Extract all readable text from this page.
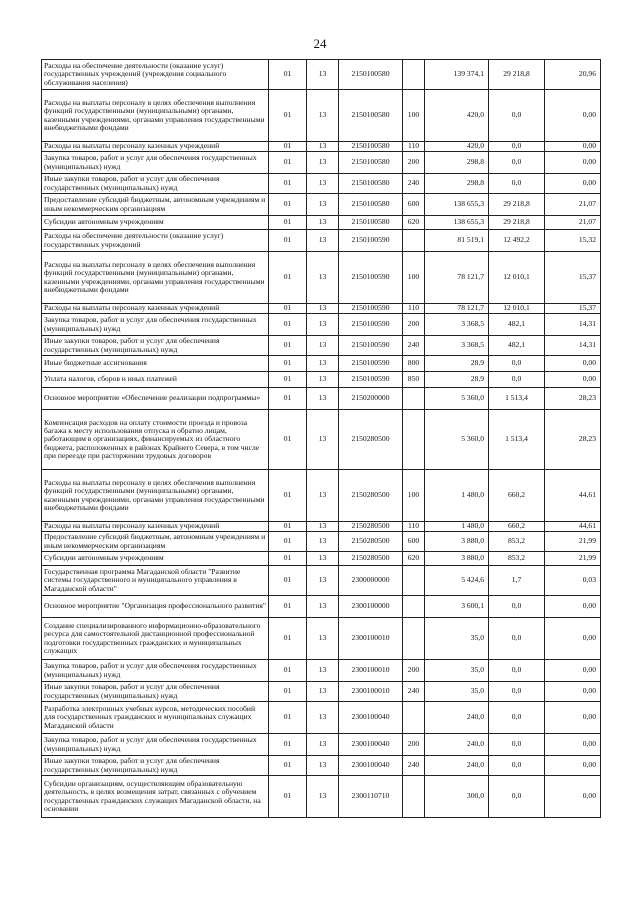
24
Расходы на обеспечение деятельности (оказание услуг) государственных учреждений (учреждения социального обслуживания населения)	01	13	2150100580		139 374,1	29 218,8	20,96
Расходы на выплаты персоналу в целях обеспечения выполнения функций государственными (муниципальными) органами, казенными учреждениями, органами управления государственными внебюджетными фондами	01	13	2150100580	100	420,0	0,0	0,00
Расходы на выплаты персоналу казенных учреждений	01	13	2150100580	110	420,0	0,0	0,00
Закупка товаров, работ и услуг для обеспечения государственных (муниципальных) нужд	01	13	2150100580	200	298,8	0,0	0,00
Иные закупки товаров, работ и услуг для обеспечения государственных (муниципальных) нужд	01	13	2150100580	240	298,8	0,0	0,00
Предоставление субсидий бюджетным, автономным учреждениям и иным некоммерческим организациям	01	13	2150100580	600	138 655,3	29 218,8	21,07
Субсидии автономным учреждениям	01	13	2150100580	620	138 655,3	29 218,8	21,07
Расходы на обеспечение деятельности (оказание услуг) государственных учреждений	01	13	2150100590		81 519,1	12 492,2	15,32
Расходы на выплаты персоналу в целях обеспечения выполнения функций государственными (муниципальными) органами, казенными учреждениями, органами управления государственными внебюджетными фондами	01	13	2150100590	100	78 121,7	12 010,1	15,37
Расходы на выплаты персоналу казенных учреждений	01	13	2150100590	110	78 121,7	12 010,1	15,37
Закупка товаров, работ и услуг для обеспечения государственных (муниципальных) нужд	01	13	2150100590	200	3 368,5	482,1	14,31
Иные закупки товаров, работ и услуг для обеспечения государственных (муниципальных) нужд	01	13	2150100590	240	3 368,5	482,1	14,31
Иные бюджетные ассигнования	01	13	2150100590	800	28,9	0,0	0,00
Уплата налогов, сборов и иных платежей	01	13	2150100590	850	28,9	0,0	0,00
Основное мероприятие «Обеспечение реализации подпрограммы»	01	13	2150200000		5 360,0	1 513,4	28,23
Компенсация расходов на оплату стоимости проезда и провоза багажа к месту использования отпуска и обратно лицам, работающим в организациях, финансируемых из областного бюджета, расположенных в районах Крайнего Севера, в том числе при переезде при расторжении трудовых договоров	01	13	2150280500		5 360,0	1 513,4	28,23
Расходы на выплаты персоналу в целях обеспечения выполнения функций государственными (муниципальными) органами, казенными учреждениями, органами управления государственными внебюджетными фондами	01	13	2150280500	100	1 480,0	660,2	44,61
Расходы на выплаты персоналу казенных учреждений	01	13	2150280500	110	1 480,0	660,2	44,61
Предоставление субсидий бюджетным, автономным учреждениям и иным некоммерческим организациям	01	13	2150280500	600	3 880,0	853,2	21,99
Субсидии автономным учреждениям	01	13	2150280500	620	3 880,0	853,2	21,99
Государственная программа Магаданской области "Развитие системы государственного и муниципального управления в Магаданской области"	01	13	2300000000		5 424,6	1,7	0,03
Основное мероприятие "Организация профессионального развития"	01	13	2300100000		3 600,1	0,0	0,00
Создание специализированного информационно-образовательного ресурса для самостоятельной дистанционной профессиональной подготовки государственных гражданских и муниципальных служащих	01	13	2300100010		35,0	0,0	0,00
Закупка товаров, работ и услуг для обеспечения государственных (муниципальных) нужд	01	13	2300100010	200	35,0	0,0	0,00
Иные закупки товаров, работ и услуг для обеспечения государственных (муниципальных) нужд	01	13	2300100010	240	35,0	0,0	0,00
Разработка электронных учебных курсов, методических пособий для государственных гражданских и муниципальных служащих Магаданской области	01	13	2300100040		240,0	0,0	0,00
Закупка товаров, работ и услуг для обеспечения государственных (муниципальных) нужд	01	13	2300100040	200	240,0	0,0	0,00
Иные закупки товаров, работ и услуг для обеспечения государственных (муниципальных) нужд	01	13	2300100040	240	240,0	0,0	0,00
Субсидии организациям, осуществляющим образовательную деятельность, в целях возмещения затрат, связанных с обучением государственных гражданских служащих Магаданской области, на основании	01	13	2300110710		300,0	0,0	0,00
